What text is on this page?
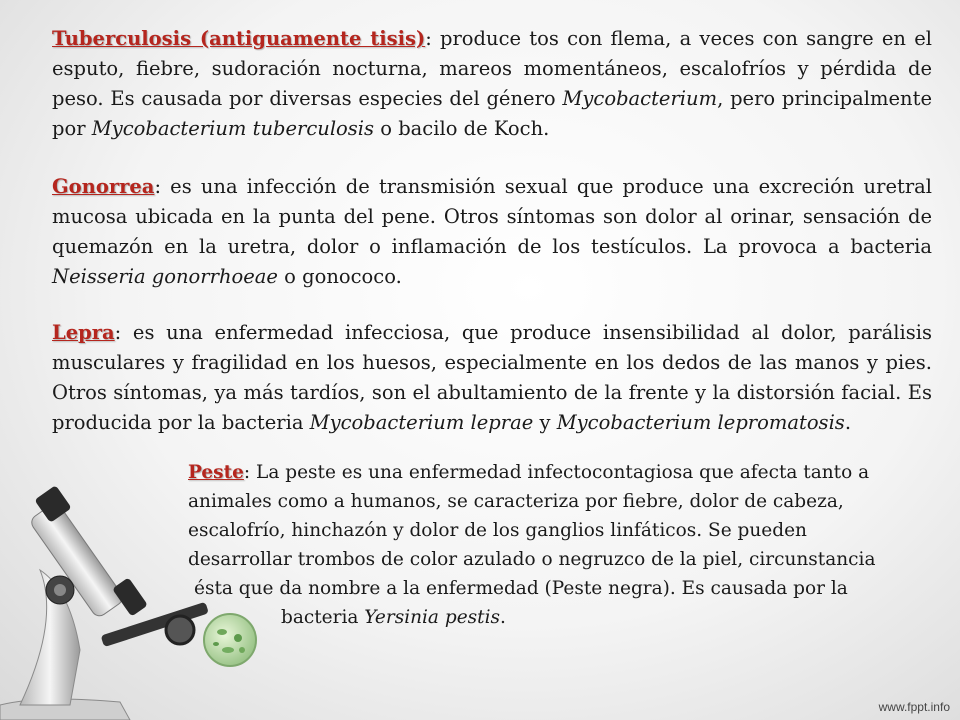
Tuberculosis (antiguamente tisis): produce tos con flema, a veces con sangre en el esputo, fiebre, sudoración nocturna, mareos momentáneos, escalofríos y pérdida de peso. Es causada por diversas especies del género Mycobacterium, pero principalmente por Mycobacterium tuberculosis o bacilo de Koch.

Gonorrea: es una infección de transmisión sexual que produce una excreción uretral mucosa ubicada en la punta del pene. Otros síntomas son dolor al orinar, sensación de quemazón en la uretra, dolor o inflamación de los testículos. La provoca a bacteria Neisseria gonorrhoeae o gonococo.

Lepra: es una enfermedad infecciosa, que produce insensibilidad al dolor, parálisis musculares y fragilidad en los huesos, especialmente en los dedos de las manos y pies. Otros síntomas, ya más tardíos, son el abultamiento de la frente y la distorsión facial. Es producida por la bacteria Mycobacterium leprae y Mycobacterium lepromatosis.

Peste: La peste es una enfermedad infectocontagiosa que afecta tanto a
animales como a humanos, se caracteriza por fiebre, dolor de cabeza,
escalofrío, hinchazón y dolor de los ganglios linfáticos. Se pueden
desarrollar trombos de color azulado o negruzco de la piel, circunstancia
ésta que da nombre a la enfermedad (Peste negra). Es causada por la
bacteria Yersinia pestis.

www.fppt.info
